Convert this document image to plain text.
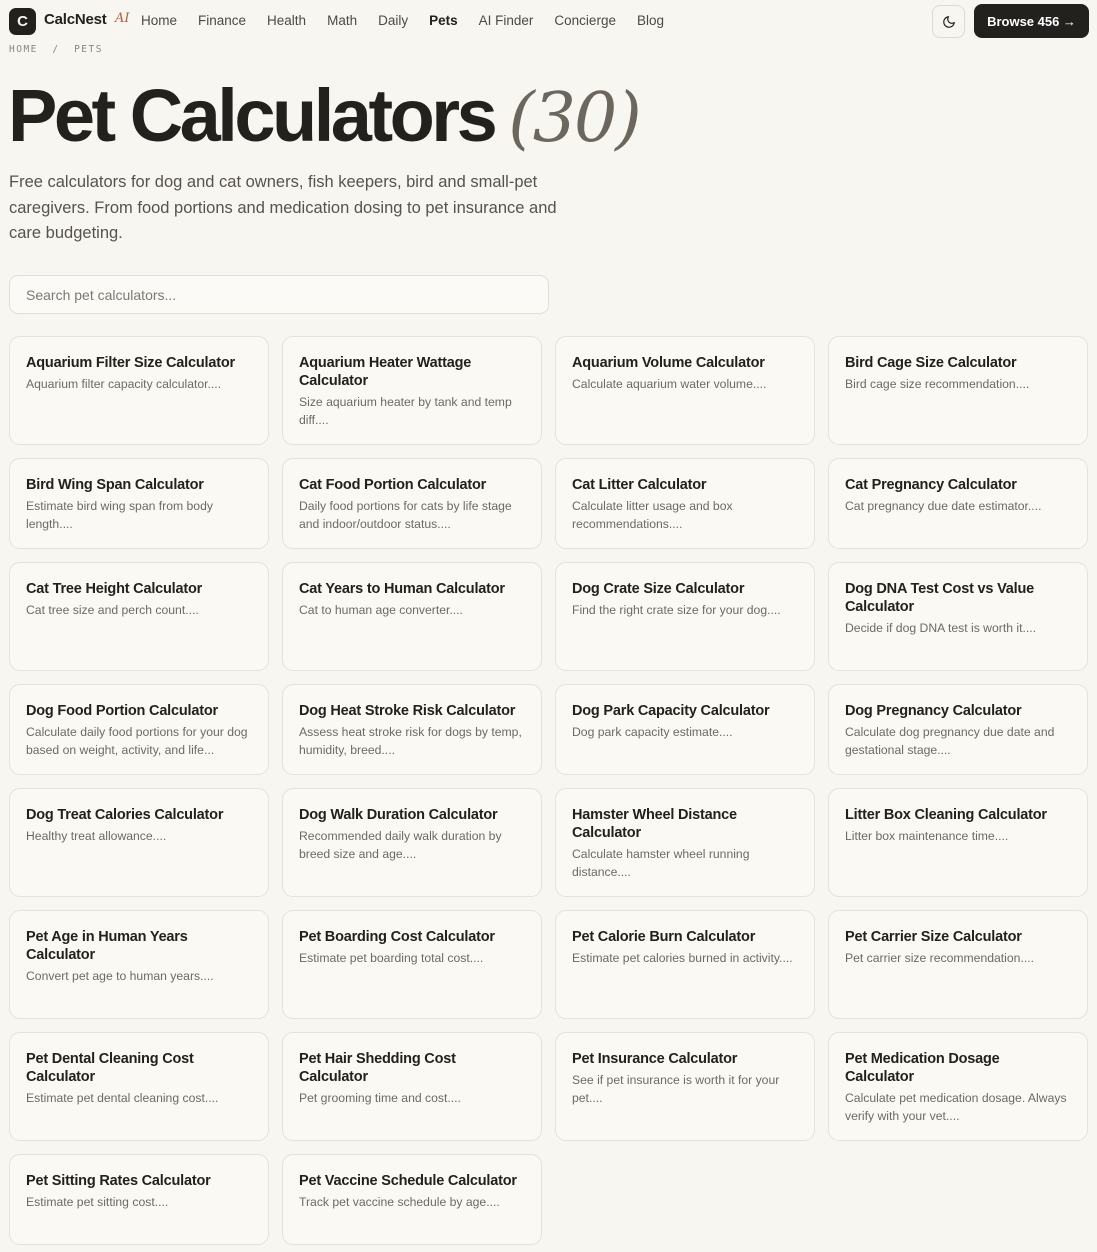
C CalcNest AI Home Finance Health Math Daily Pets AI Finder Concierge Blog	Browse 456 →
HOME / PETS
Pet Calculators (30)

Free calculators for dog and cat owners, fish keepers, bird and small-pet caregivers. From food portions and medication dosing to pet insurance and care budgeting.

Search pet calculators...
Aquarium Filter Size Calculator
Aquarium filter capacity calculator....
Aquarium Heater Wattage Calculator
Size aquarium heater by tank and temp diff....
Aquarium Volume Calculator
Calculate aquarium water volume....
Bird Cage Size Calculator
Bird cage size recommendation....
Bird Wing Span Calculator
Estimate bird wing span from body length....
Cat Food Portion Calculator
Daily food portions for cats by life stage and indoor/outdoor status....
Cat Litter Calculator
Calculate litter usage and box recommendations....
Cat Pregnancy Calculator
Cat pregnancy due date estimator....
Cat Tree Height Calculator
Cat tree size and perch count....
Cat Years to Human Calculator
Cat to human age converter....
Dog Crate Size Calculator
Find the right crate size for your dog....
Dog DNA Test Cost vs Value Calculator
Decide if dog DNA test is worth it....
Dog Food Portion Calculator
Calculate daily food portions for your dog based on weight, activity, and life...
Dog Heat Stroke Risk Calculator
Assess heat stroke risk for dogs by temp, humidity, breed....
Dog Park Capacity Calculator
Dog park capacity estimate....
Dog Pregnancy Calculator
Calculate dog pregnancy due date and gestational stage....
Dog Treat Calories Calculator
Healthy treat allowance....
Dog Walk Duration Calculator
Recommended daily walk duration by breed size and age....
Hamster Wheel Distance Calculator
Calculate hamster wheel running distance....
Litter Box Cleaning Calculator
Litter box maintenance time....
Pet Age in Human Years Calculator
Convert pet age to human years....
Pet Boarding Cost Calculator
Estimate pet boarding total cost....
Pet Calorie Burn Calculator
Estimate pet calories burned in activity....
Pet Carrier Size Calculator
Pet carrier size recommendation....
Pet Dental Cleaning Cost Calculator
Estimate pet dental cleaning cost....
Pet Hair Shedding Cost Calculator
Pet grooming time and cost....
Pet Insurance Calculator
See if pet insurance is worth it for your pet....
Pet Medication Dosage Calculator
Calculate pet medication dosage. Always verify with your vet....
Pet Sitting Rates Calculator
Estimate pet sitting cost....
Pet Vaccine Schedule Calculator
Track pet vaccine schedule by age....
